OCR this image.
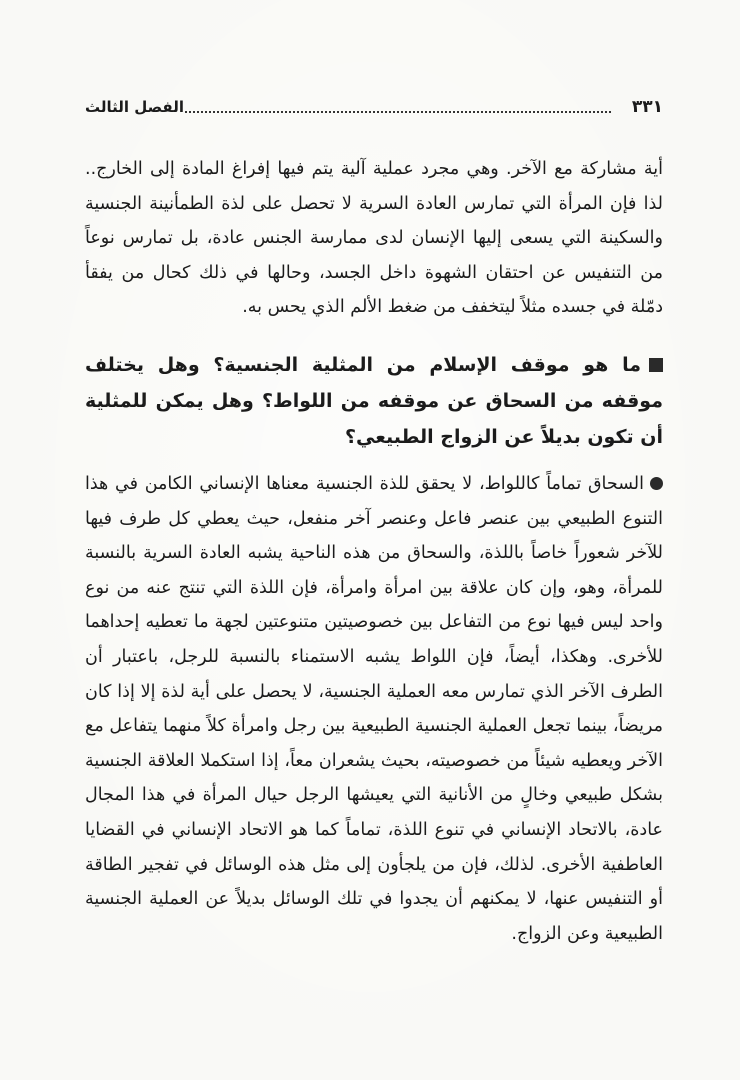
٣٣١
الفصل الثالث

أية مشاركة مع الآخر. وهي مجرد عملية آلية يتم فيها إفراغ المادة إلى الخارج.. لذا فإن المرأة التي تمارس العادة السرية لا تحصل على لذة الطمأنينة الجنسية والسكينة التي يسعى إليها الإنسان لدى ممارسة الجنس عادة، بل تمارس نوعاً من التنفيس عن احتقان الشهوة داخل الجسد، وحالها في ذلك كحال من يفقأ دمّلة في جسده مثلاً ليتخفف من ضغط الألم الذي يحس به.

ما هو موقف الإسلام من المثلية الجنسية؟ وهل يختلف موقفه من السحاق عن موقفه من اللواط؟ وهل يمكن للمثلية أن تكون بديلاً عن الزواج الطبيعي؟

السحاق تماماً كاللواط، لا يحقق للذة الجنسية معناها الإنساني الكامن في هذا التنوع الطبيعي بين عنصر فاعل وعنصر آخر منفعل، حيث يعطي كل طرف فيها للآخر شعوراً خاصاً باللذة، والسحاق من هذه الناحية يشبه العادة السرية بالنسبة للمرأة، وهو، وإن كان علاقة بين امرأة وامرأة، فإن اللذة التي تنتج عنه من نوع واحد ليس فيها نوع من التفاعل بين خصوصيتين متنوعتين لجهة ما تعطيه إحداهما للأخرى. وهكذا، أيضاً، فإن اللواط يشبه الاستمناء بالنسبة للرجل، باعتبار أن الطرف الآخر الذي تمارس معه العملية الجنسية، لا يحصل على أية لذة إلا إذا كان مريضاً، بينما تجعل العملية الجنسية الطبيعية بين رجل وامرأة كلاً منهما يتفاعل مع الآخر ويعطيه شيئاً من خصوصيته، بحيث يشعران معاً، إذا استكملا العلاقة الجنسية بشكل طبيعي وخالٍ من الأنانية التي يعيشها الرجل حيال المرأة في هذا المجال عادة، بالاتحاد الإنساني في تنوع اللذة، تماماً كما هو الاتحاد الإنساني في القضايا العاطفية الأخرى. لذلك، فإن من يلجأون إلى مثل هذه الوسائل في تفجير الطاقة أو التنفيس عنها، لا يمكنهم أن يجدوا في تلك الوسائل بديلاً عن العملية الجنسية الطبيعية وعن الزواج.
